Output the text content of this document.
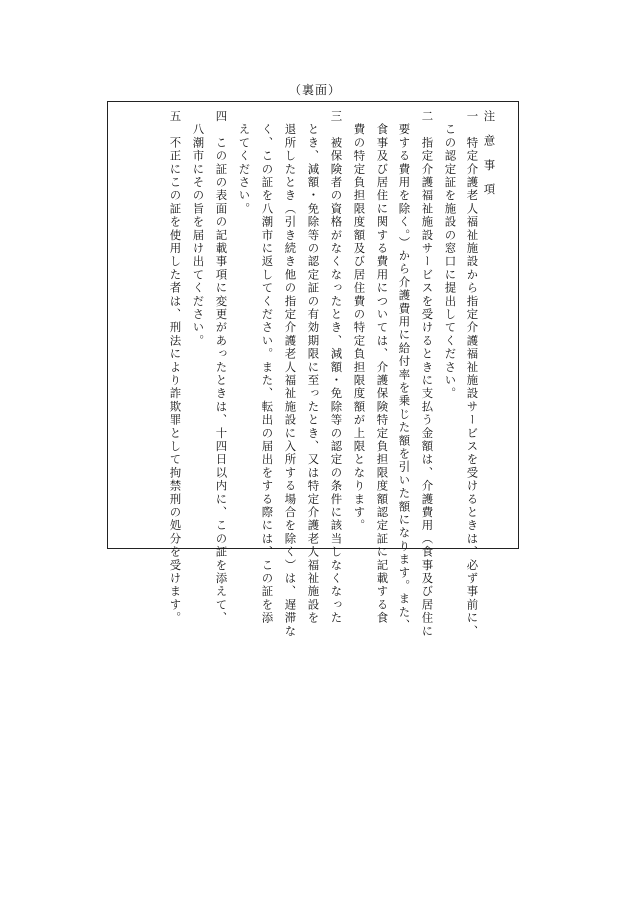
（裏面）
注意事項
一　特定介護老人福祉施設から指定介護福祉施設サービスを受けるときは、必ず事前に、
　この認定証を施設の窓口に提出してください。
二　指定介護福祉施設サービスを受けるときに支払う金額は、介護費用（食事及び居住に
　要する費用を除く。）から介護費用に給付率を乗じた額を引いた額になります。また、
　食事及び居住に関する費用については、介護保険特定負担限度額認定証に記載する食
　費の特定負担限度額及び居住費の特定負担限度額が上限となります。
三　被保険者の資格がなくなったとき、減額・免除等の認定の条件に該当しなくなった
　とき、減額・免除等の認定証の有効期限に至ったとき、又は特定介護老人福祉施設を
　退所したとき（引き続き他の指定介護老人福祉施設に入所する場合を除く）は、遅滞な
　く、この証を八潮市に返してください。また、転出の届出をする際には、この証を添
　えてください。
四　この証の表面の記載事項に変更があったときは、十四日以内に、この証を添えて、
　八潮市にその旨を届け出てください。
五　不正にこの証を使用した者は、刑法により詐欺罪として拘禁刑の処分を受けます。
